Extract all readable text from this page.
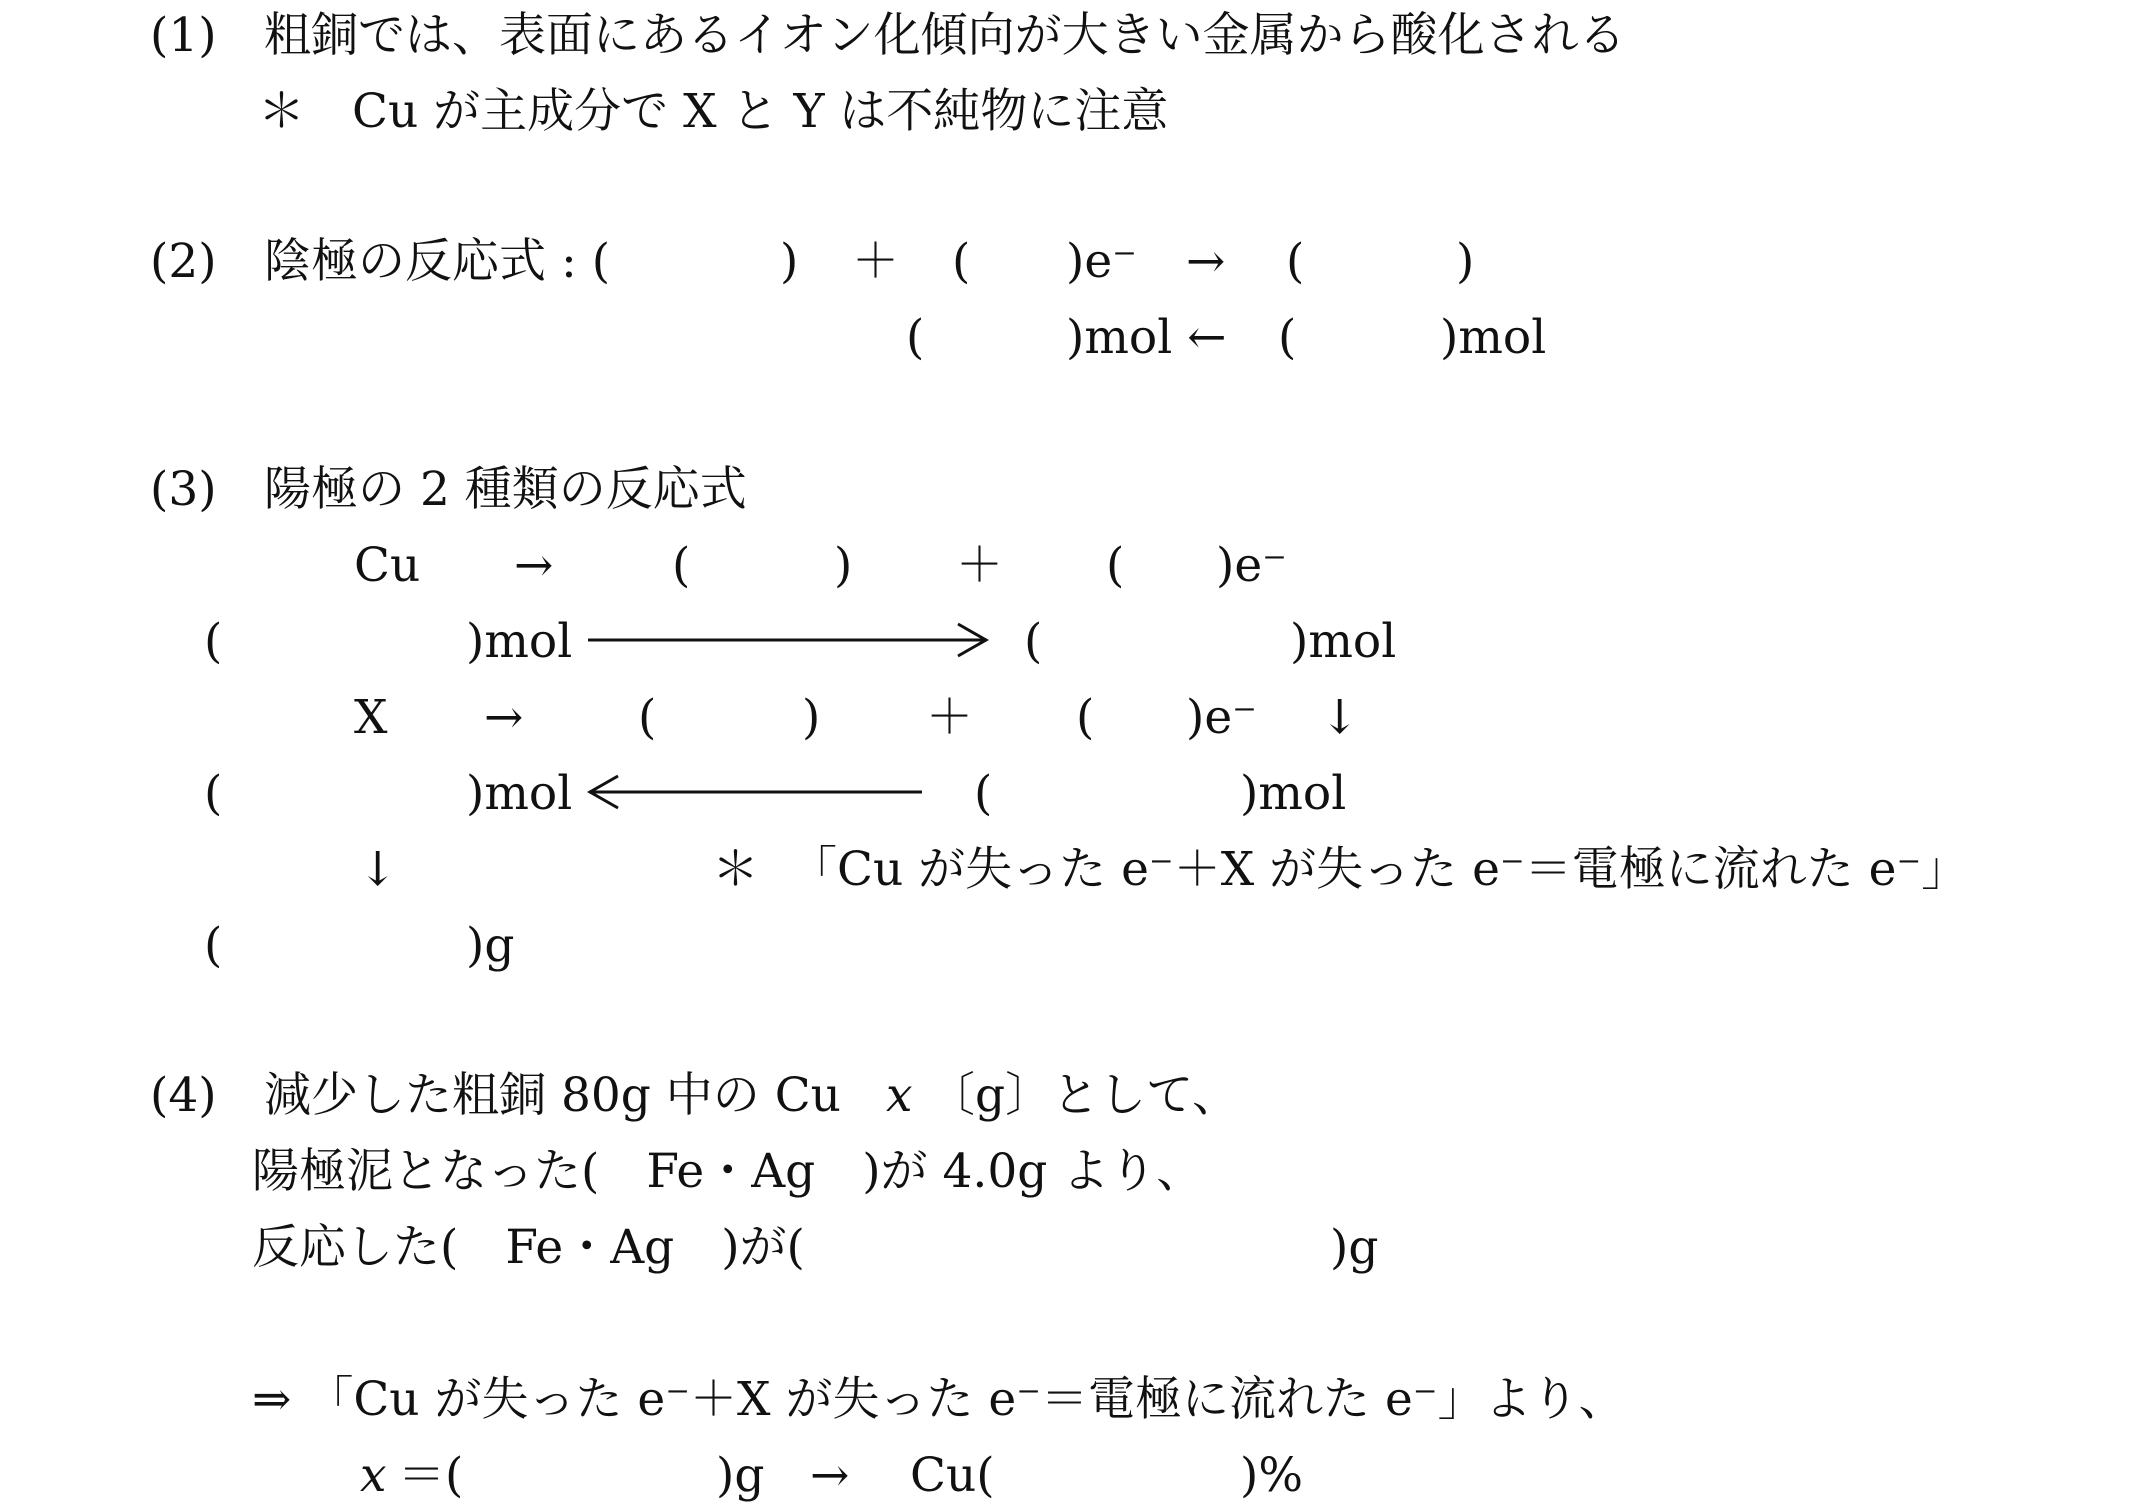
(1) 粗銅では、表面にあるイオン化傾向が大きい金属から酸化される
＊ Cu が主成分で X と Y は不純物に注意
(2) 陰極の反応式 : (	) ＋ ( )e⁻ → (	)
(	)mol ← (	)mol
(3) 陽極の 2 種類の反応式
Cu →	(	) ＋ ( )e⁻
(	)mol	(	)mol
X → (	) ＋ ( )e⁻ ↓
(	)mol	(	)mol
↓	＊ 「Cu が失った e⁻＋X が失った e⁻＝電極に流れた e⁻」
(	)g
(4) 減少した粗銅 80g 中の Cu x 〔g〕として、
陽極泥となった(　Fe・Ag　)が 4.0g より、
反応した(　Fe・Ag　)が(	)g
⇒ 「Cu が失った e⁻＋X が失った e⁻＝電極に流れた e⁻」より、
x ＝(	)g → Cu(	)%
